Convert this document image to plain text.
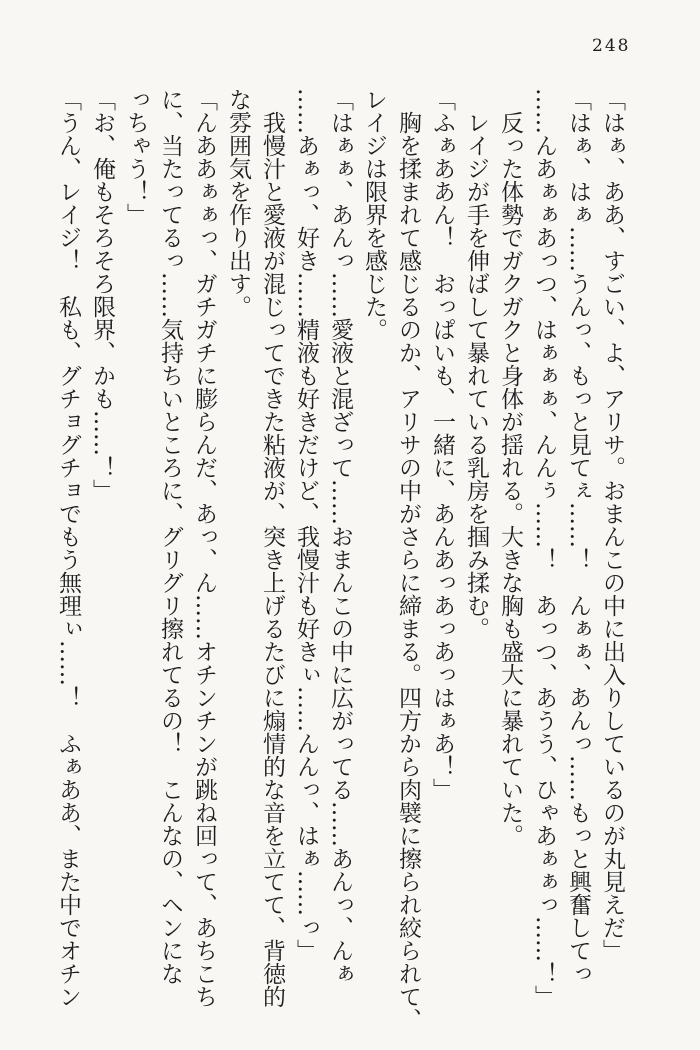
248

「はぁ、ああ、すごい、よ、アリサ。おまんこの中に出入りしているのが丸見えだ」

「はぁ、はぁ……うんっ、もっと見てぇ……！　んぁぁ、あんっ……もっと興奮してっ

……んあぁぁあっつ、はぁぁぁ、んんぅ……！　あっつ、あうう、ひゃあぁぁっ……！」

反った体勢でガクガクと身体が揺れる。大きな胸も盛大に暴れていた。

レイジが手を伸ばして暴れている乳房を掴み揉む。

「ふぁああん！　おっぱいも、一緒に、あんあっあっあっはぁあ！」

胸を揉まれて感じるのか、アリサの中がさらに締まる。四方から肉襞に擦られ絞られて、

レイジは限界を感じた。

「はぁぁ、あんっ……愛液と混ざって……おまんこの中に広がってる……あんっ、んぁ

……あぁっ、好き……精液も好きだけど、我慢汁も好きぃ……んんっ、はぁ……っ」

我慢汁と愛液が混じってできた粘液が、突き上げるたびに煽情的な音を立てて、背徳的

な雰囲気を作り出す。

「んああぁぁっ、ガチガチに膨らんだ、あっ、ん……オチンチンが跳ね回って、あちこち

に、当たってるっ……気持ちいところに、グリグリ擦れてるの！　こんなの、ヘンにな

っちゃう！」

「お、俺もそろそろ限界、かも……！」

「うん、レイジ！　私も、グチョグチョでもう無理ぃ……！　ふぁああ、また中でオチン
